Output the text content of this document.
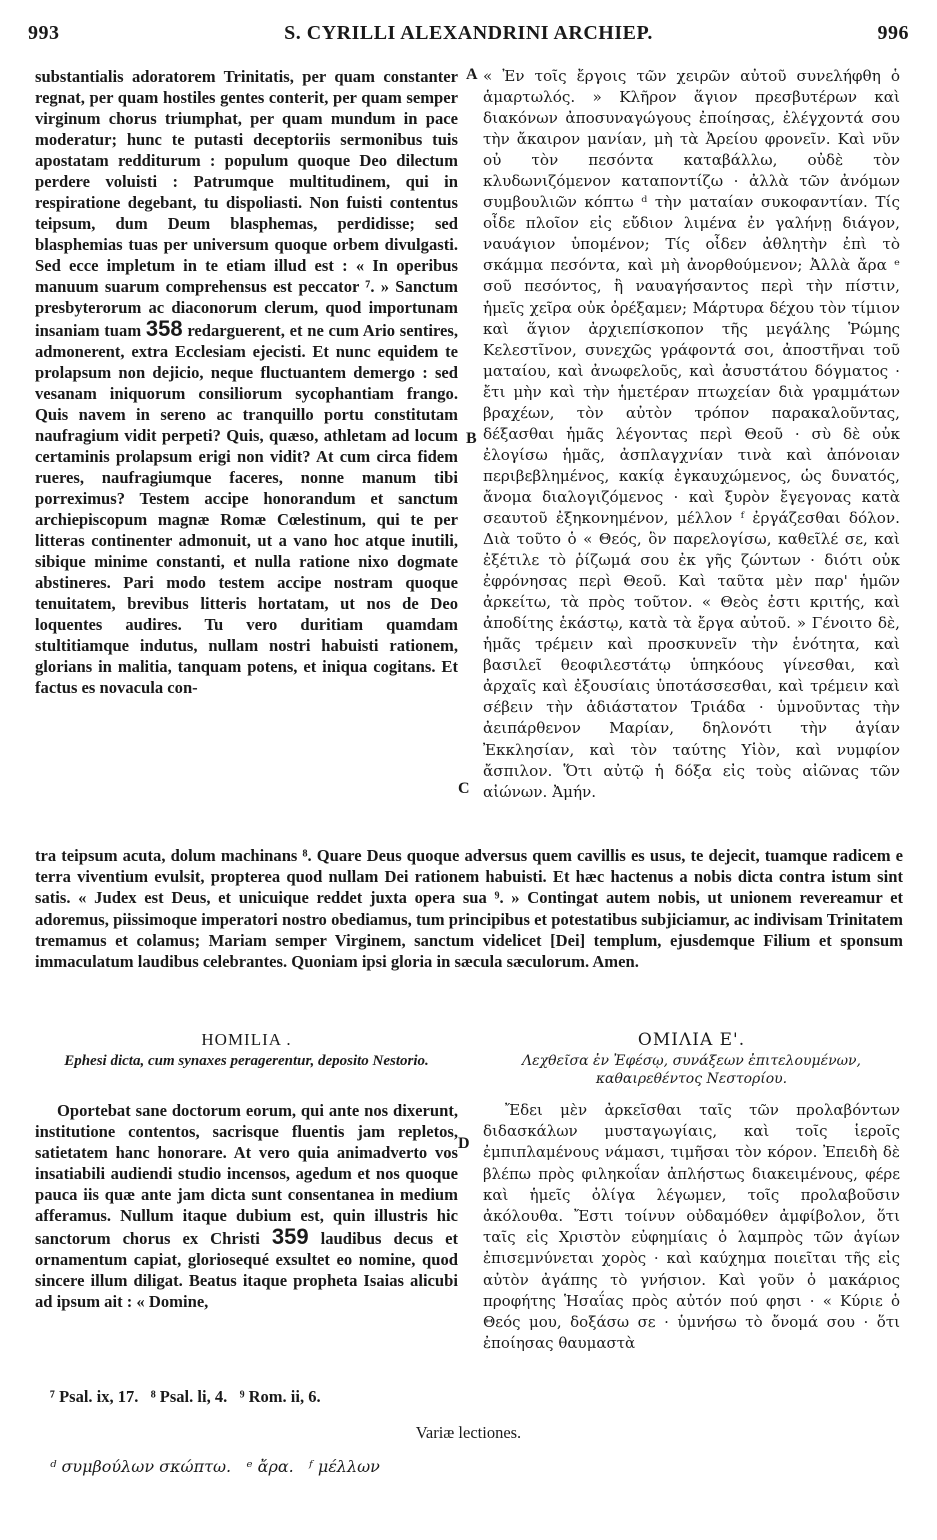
993	S. CYRILLI ALEXANDRINI ARCHIEP.	996
A
B
C
D
substantialis adoratorem Trinitatis, per quam constanter regnat, per quam hostiles gentes conterit, per quam semper virginum chorus triumphat, per quam mundum in pace moderatur; hunc te putasti deceptoriis sermonibus tuis apostatam redditurum : populum quoque Deo dilectum perdere voluisti : Patrumque multitudinem, qui in respiratione degebant, tu dispoliasti. Non fuisti contentus teipsum, dum Deum blasphemas, perdidisse; sed blasphemias tuas per universum quoque orbem divulgasti. Sed ecce impletum in te etiam illud est : « In operibus manuum suarum comprehensus est peccator ⁷. » Sanctum presbyterorum ac diaconorum clerum, quod importunam insaniam tuam 358 redarguerent, et ne cum Ario sentires, admonerent, extra Ecclesiam ejecisti. Et nunc equidem te prolapsum non dejicio, neque fluctuantem demergo : sed vesanam iniquorum consiliorum sycophantiam frango. Quis navem in sereno ac tranquillo portu constitutam naufragium vidit perpeti? Quis, quæso, athletam ad locum certaminis prolapsum erigi non vidit? At cum circa fidem rueres, naufragiumque faceres, nonne manum tibi porreximus? Testem accipe honorandum et sanctum archiepiscopum magnæ Romæ Cœlestinum, qui te per litteras continenter admonuit, ut a vano hoc atque inutili, sibique minime constanti, et nulla ratione nixo dogmate abstineres. Pari modo testem accipe nostram quoque tenuitatem, brevibus litteris hortatam, ut nos de Deo loquentes audires. Tu vero duritiam quamdam stultitiamque indutus, nullam nostri habuisti rationem, glorians in malitia, tanquam potens, et iniqua cogitans. Et factus es novacula con-
« Ἐν τοῖς ἔργοις τῶν χειρῶν αὐτοῦ συνελήφθη ὁ ἁμαρτωλός. » Κλῆρον ἅγιον πρεσβυτέρων καὶ διακόνων ἀποσυναγώγους ἐποίησας, ἐλέγχοντά σου τὴν ἄκαιρον μανίαν, μὴ τὰ Ἀρείου φρονεῖν. Καὶ νῦν οὐ τὸν πεσόντα καταβάλλω, οὐδὲ τὸν κλυδωνιζόμενον καταποντίζω · ἀλλὰ τῶν ἀνόμων συμβουλιῶν κόπτω ᵈ τὴν ματαίαν συκοφαντίαν. Τίς οἶδε πλοῖον εἰς εὔδιον λιμένα ἐν γαλήνῃ διάγον, ναυάγιον ὑπομένον; Τίς οἶδεν ἀθλητὴν ἐπὶ τὸ σκάμμα πεσόντα, καὶ μὴ ἀνορθούμενον; Ἀλλὰ ἄρα ᵉ σοῦ πεσόντος, ἢ ναυαγήσαντος περὶ τὴν πίστιν, ἡμεῖς χεῖρα οὐκ ὀρέξαμεν; Μάρτυρα δέχου τὸν τίμιον καὶ ἅγιον ἀρχιεπίσκοπον τῆς μεγάλης Ῥώμης Κελεστῖνον, συνεχῶς γράφοντά σοι, ἀποστῆναι τοῦ ματαίου, καὶ ἀνωφελοῦς, καὶ ἀσυστάτου δόγματος · ἔτι μὴν καὶ τὴν ἡμετέραν πτωχείαν διὰ γραμμάτων βραχέων, τὸν αὐτὸν τρόπον παρακαλοῦντας, δέξασθαι ἡμᾶς λέγοντας περὶ Θεοῦ · σὺ δὲ οὐκ ἐλογίσω ἡμᾶς, ἀσπλαγχνίαν τινὰ καὶ ἀπόνοιαν περιβεβλημένος, κακίᾳ ἐγκαυχώμενος, ὡς δυνατός, ἄνομα διαλογιζόμενος · καὶ ξυρὸν ἔγεγονας κατὰ σεαυτοῦ ἐξηκονημένον, μέλλον ᶠ ἐργάζεσθαι δόλον. Διὰ τοῦτο ὁ « Θεός, ὃν παρελογίσω, καθεῖλέ σε, καὶ ἐξέτιλε τὸ ῥίζωμά σου ἐκ γῆς ζώντων · διότι οὐκ ἐφρόνησας περὶ Θεοῦ. Καὶ ταῦτα μὲν παρ' ἡμῶν ἀρκείτω, τὰ πρὸς τοῦτον. « Θεὸς ἐστι κριτής, καὶ ἀποδίτης ἑκάστῳ, κατὰ τὰ ἔργα αὐτοῦ. » Γένοιτο δὲ, ἡμᾶς τρέμειν καὶ προσκυνεῖν τὴν ἑνότητα, καὶ βασιλεῖ θεοφιλεστάτῳ ὑπηκόους γίνεσθαι, καὶ ἀρχαῖς καὶ ἐξουσίαις ὑποτάσσεσθαι, καὶ τρέμειν καὶ σέβειν τὴν ἀδιάστατον Τριάδα · ὑμνοῦντας τὴν ἀειπάρθενον Μαρίαν, δηλονότι τὴν ἁγίαν Ἐκκλησίαν, καὶ τὸν ταύτης Υἱὸν, καὶ νυμφίον ἄσπιλον. Ὅτι αὐτῷ ἡ δόξα εἰς τοὺς αἰῶνας τῶν αἰώνων. Ἀμήν.
tra teipsum acuta, dolum machinans ⁸. Quare Deus quoque adversus quem cavillis es usus, te dejecit, tuamque radicem e terra viventium evulsit, propterea quod nullam Dei rationem habuisti. Et hæc hactenus a nobis dicta contra istum sint satis. « Judex est Deus, et unicuique reddet juxta opera sua ⁹. » Contingat autem nobis, ut unionem revereamur et adoremus, piissimoque imperatori nostro obediamus, tum principibus et potestatibus subjiciamur, ac indivisam Trinitatem tremamus et colamus; Mariam semper Virginem, sanctum videlicet [Dei] templum, ejusdemque Filium et sponsum immaculatum laudibus celebrantes. Quoniam ipsi gloria in sæcula sæculorum. Amen.
HOMILIA .	ΟΜΙΛΙΑ Ε'.
Ephesi dicta, cum synaxes peragerentur, deposito Nestorio.	Λεχθεῖσα ἐν Ἐφέσῳ, συνάξεων ἐπιτελουμένων, καθαιρεθέντος Νεστορίου.

Oportebat sane doctorum eorum, qui ante nos dixerunt, institutione contentos, sacrisque fluentis jam repletos, satietatem hanc honorare. At vero quia animadverto vos insatiabili audiendi studio incensos, agedum et nos quoque pauca iis quæ ante jam dicta sunt consentanea in medium afferamus. Nullum itaque dubium est, quin illustris hic sanctorum chorus ex Christi 359 laudibus decus et ornamentum capiat, gloriosequé exsultet eo nomine, quod sincere illum diligat. Beatus itaque propheta Isaias alicubi ad ipsum ait : « Domine,

Ἔδει μὲν ἀρκεῖσθαι ταῖς τῶν προλαβόντων διδασκάλων μυσταγωγίαις, καὶ τοῖς ἱεροῖς ἐμπιπλαμένους νάμασι, τιμῆσαι τὸν κόρον. Ἐπειδὴ δὲ βλέπω πρὸς φιληκοΐαν ἀπλήστως διακειμένους, φέρε καὶ ἡμεῖς ὀλίγα λέγωμεν, τοῖς προλαβοῦσιν ἀκόλουθα. Ἔστι τοίνυν οὐδαμόθεν ἀμφίβολον, ὅτι ταῖς εἰς Χριστὸν εὐφημίαις ὁ λαμπρὸς τῶν ἁγίων ἐπισεμνύνεται χορὸς · καὶ καύχημα ποιεῖται τῆς εἰς αὐτὸν ἀγάπης τὸ γνήσιον. Καὶ γοῦν ὁ μακάριος προφήτης Ἡσαΐας πρὸς αὐτόν πού φησι · « Κύριε ὁ Θεός μου, δοξάσω σε · ὑμνήσω τὸ ὄνομά σου · ὅτι ἐποίησας θαυμαστὰ

⁷ Psal. ix, 17.   ⁸ Psal. li, 4.   ⁹ Rom. ii, 6.
Variæ lectiones.
ᵈ συμβούλων σκώπτω.   ᵉ ἄρα.   ᶠ μέλλων
